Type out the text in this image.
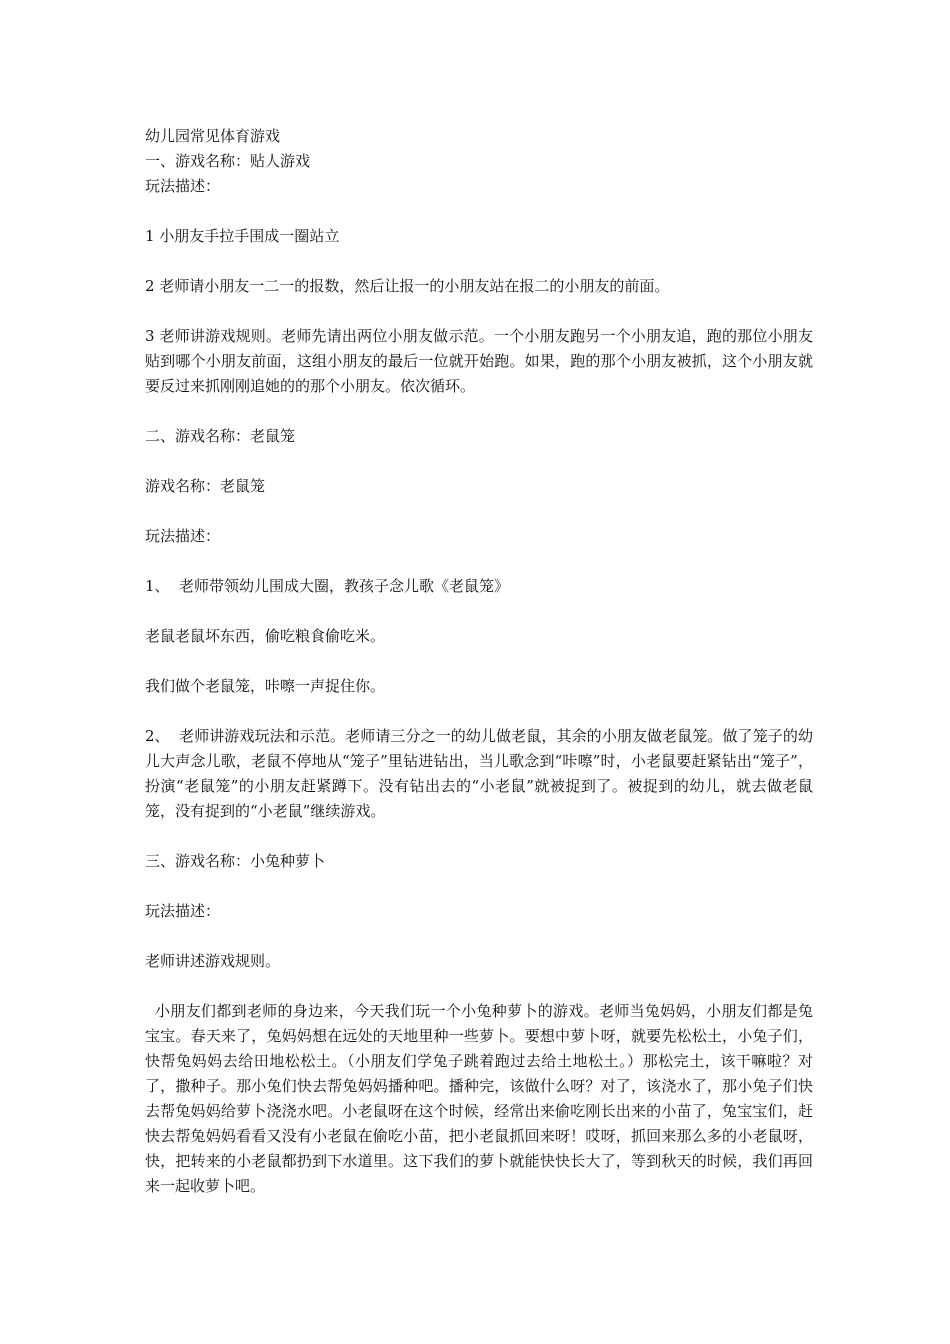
幼儿园常见体育游戏

一、游戏名称：贴人游戏

玩法描述：

1 小朋友手拉手围成一圈站立

2 老师请小朋友一二一的报数，然后让报一的小朋友站在报二的小朋友的前面。

3 老师讲游戏规则。老师先请出两位小朋友做示范。一个小朋友跑另一个小朋友追，跑的那位小朋友贴到哪个小朋友前面，这组小朋友的最后一位就开始跑。如果，跑的那个小朋友被抓，这个小朋友就要反过来抓刚刚追她的的那个小朋友。依次循环。

二、游戏名称：老鼠笼

游戏名称：老鼠笼

玩法描述：

1、 老师带领幼儿围成大圈，教孩子念儿歌《老鼠笼》

老鼠老鼠坏东西，偷吃粮食偷吃米。

我们做个老鼠笼，咔嚓一声捉住你。

2、 老师讲游戏玩法和示范。老师请三分之一的幼儿做老鼠，其余的小朋友做老鼠笼。做了笼子的幼儿大声念儿歌，老鼠不停地从“笼子”里钻进钻出，当儿歌念到“咔嚓”时，小老鼠要赶紧钻出“笼子”，扮演“老鼠笼”的小朋友赶紧蹲下。没有钻出去的“小老鼠”就被捉到了。被捉到的幼儿，就去做老鼠笼，没有捉到的“小老鼠”继续游戏。

三、游戏名称：小兔种萝卜

玩法描述：

老师讲述游戏规则。

小朋友们都到老师的身边来，今天我们玩一个小兔种萝卜的游戏。老师当兔妈妈，小朋友们都是兔宝宝。春天来了，兔妈妈想在远处的天地里种一些萝卜。要想中萝卜呀，就要先松松土，小兔子们，快帮兔妈妈去给田地松松土。（小朋友们学兔子跳着跑过去给土地松土。）那松完土，该干嘛啦？对了，撒种子。那小兔们快去帮兔妈妈播种吧。播种完，该做什么呀？对了，该浇水了，那小兔子们快去帮兔妈妈给萝卜浇浇水吧。小老鼠呀在这个时候，经常出来偷吃刚长出来的小苗了，兔宝宝们，赶快去帮兔妈妈看看又没有小老鼠在偷吃小苗，把小老鼠抓回来呀！哎呀，抓回来那么多的小老鼠呀，快，把转来的小老鼠都扔到下水道里。这下我们的萝卜就能快快长大了，等到秋天的时候，我们再回来一起收萝卜吧。
